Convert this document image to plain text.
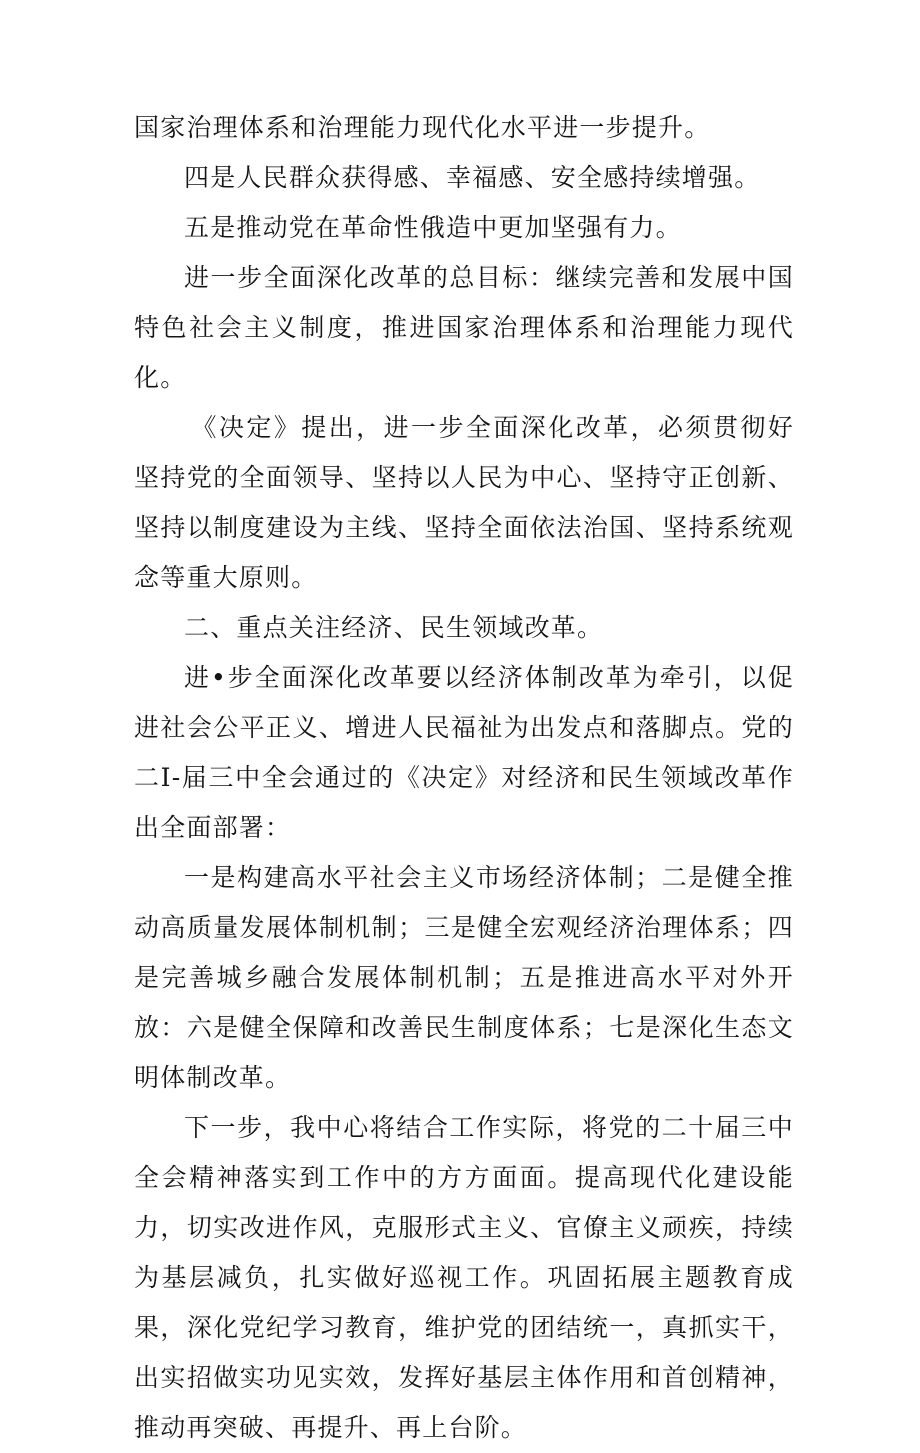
国家治理体系和治理能力现代化水平进一步提升。

四是人民群众获得感、幸福感、安全感持续增强。

五是推动党在革命性俄造中更加坚强有力。

进一步全面深化改革的总目标：继续完善和发展中国特色社会主义制度，推进国家治理体系和治理能力现代化。

《决定》提出，进一步全面深化改革，必须贯彻好坚持党的全面领导、坚持以人民为中心、坚持守正创新、坚持以制度建设为主线、坚持全面依法治国、坚持系统观念等重大原则。

二、重点关注经济、民生领域改革。

进•步全面深化改革要以经济体制改革为牵引，以促进社会公平正义、增进人民福祉为出发点和落脚点。党的二I-届三中全会通过的《决定》对经济和民生领域改革作出全面部署：

一是构建高水平社会主义市场经济体制；二是健全推动高质量发展体制机制；三是健全宏观经济治理体系；四是完善城乡融合发展体制机制；五是推进高水平对外开放：六是健全保障和改善民生制度体系；七是深化生态文明体制改革。

下一步，我中心将结合工作实际，将党的二十届三中全会精神落实到工作中的方方面面。提高现代化建设能力，切实改进作风，克服形式主义、官僚主义顽疾，持续为基层减负，扎实做好巡视工作。巩固拓展主题教育成果，深化党纪学习教育，维护党的团结统一，真抓实干，出实招做实功见实效，发挥好基层主体作用和首创精神，推动再突破、再提升、再上台阶。
